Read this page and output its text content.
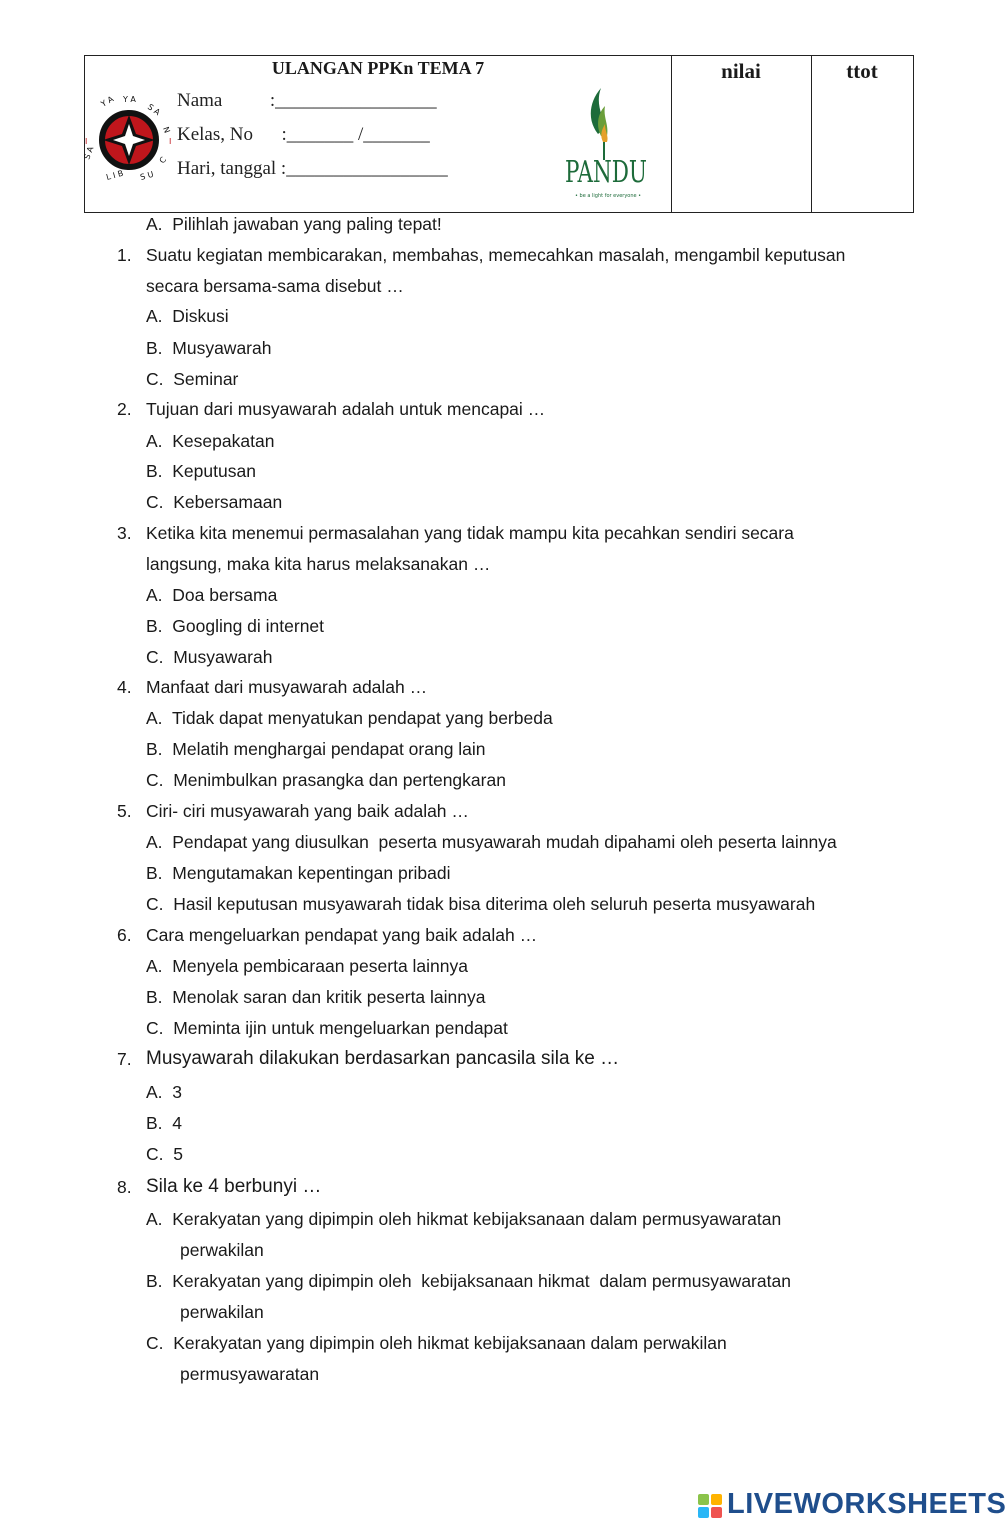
ULANGAN PPKn TEMA 7
Y A Y A
S A
N
S A
L I B S U
C
I	I
Nama          :_________________
Kelas, No      :_______ /_______
Hari, tanggal :_________________	PANDU
• be a light for everyone •
nilai	ttot
A.  Pilihlah jawaban yang paling tepat!
1. Suatu kegiatan membicarakan, membahas, memecahkan masalah, mengambil keputusan
secara bersama-sama disebut …
A.  Diskusi
B.  Musyawarah
C.  Seminar
2. Tujuan dari musyawarah adalah untuk mencapai …
A.  Kesepakatan
B.  Keputusan
C.  Kebersamaan
3. Ketika kita menemui permasalahan yang tidak mampu kita pecahkan sendiri secara
langsung, maka kita harus melaksanakan …
A.  Doa bersama
B.  Googling di internet
C.  Musyawarah
4. Manfaat dari musyawarah adalah …
A.  Tidak dapat menyatukan pendapat yang berbeda
B.  Melatih menghargai pendapat orang lain
C.  Menimbulkan prasangka dan pertengkaran
5. Ciri- ciri musyawarah yang baik adalah …
A.  Pendapat yang diusulkan  peserta musyawarah mudah dipahami oleh peserta lainnya
B.  Mengutamakan kepentingan pribadi
C.  Hasil keputusan musyawarah tidak bisa diterima oleh seluruh peserta musyawarah
6. Cara mengeluarkan pendapat yang baik adalah …
A.  Menyela pembicaraan peserta lainnya
B.  Menolak saran dan kritik peserta lainnya
C.  Meminta ijin untuk mengeluarkan pendapat
7. Musyawarah dilakukan berdasarkan pancasila sila ke …
A.  3
B.  4
C.  5
8. Sila ke 4 berbunyi …
A.  Kerakyatan yang dipimpin oleh hikmat kebijaksanaan dalam permusyawaratan
perwakilan
B.  Kerakyatan yang dipimpin oleh  kebijaksanaan hikmat  dalam permusyawaratan
perwakilan
C.  Kerakyatan yang dipimpin oleh hikmat kebijaksanaan dalam perwakilan
permusyawaratan
LIVEWORKSHEETS
